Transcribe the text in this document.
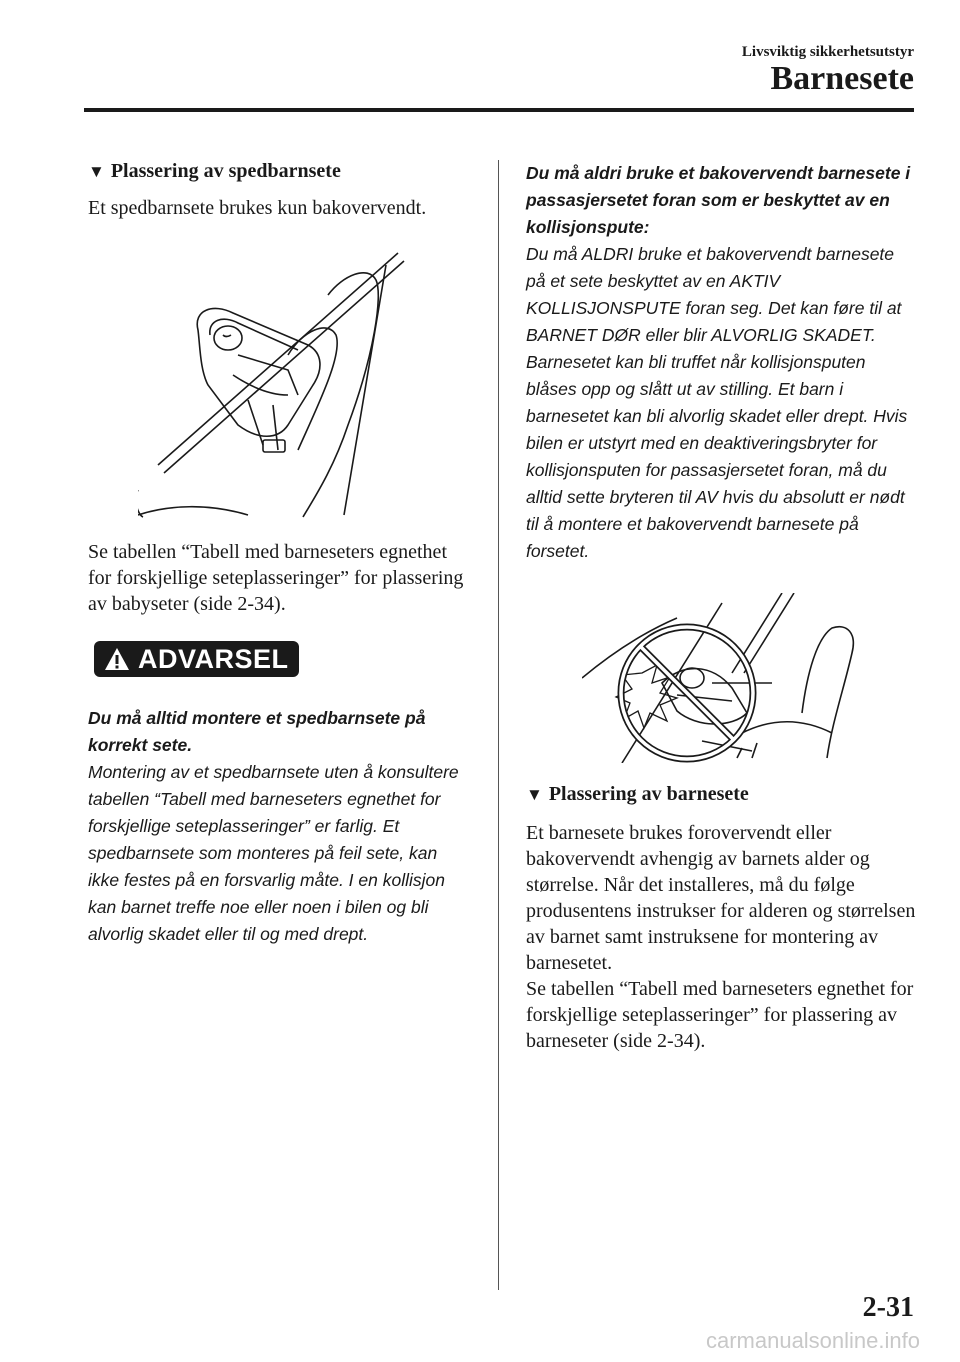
Livsviktig sikkerhetsutstyr
Barnesete
▼ Plassering av spedbarnsete

Et spedbarnsete brukes kun bakovervendt.

Se tabellen “Tabell med barneseters egnethet for forskjellige seteplasseringer” for plassering av babyseter (side 2-34).

ADVARSEL

Du må alltid montere et spedbarnsete på korrekt sete.

Montering av et spedbarnsete uten å konsultere tabellen “Tabell med barneseters egnethet for forskjellige seteplasseringer” er farlig. Et spedbarnsete som monteres på feil sete, kan ikke festes på en forsvarlig måte. I en kollisjon kan barnet treffe noe eller noen i bilen og bli alvorlig skadet eller til og med drept.

Du må aldri bruke et bakovervendt barnesete i passasjersetet foran som er beskyttet av en kollisjonspute:

Du må ALDRI bruke et bakovervendt barnesete på et sete beskyttet av en AKTIV KOLLISJONSPUTE foran seg. Det kan føre til at BARNET DØR eller blir ALVORLIG SKADET. Barnesetet kan bli truffet når kollisjonsputen blåses opp og slått ut av stilling. Et barn i barnesetet kan bli alvorlig skadet eller drept. Hvis bilen er utstyrt med en deaktiveringsbryter for kollisjonsputen for passasjersetet foran, må du alltid sette bryteren til AV hvis du absolutt er nødt til å montere et bakovervendt barnesete på forsetet.

▼ Plassering av barnesete

Et barnesete brukes forovervendt eller bakovervendt avhengig av barnets alder og størrelse. Når det installeres, må du følge produsentens instrukser for alderen og størrelsen av barnet samt instruksene for montering av barnesetet.

Se tabellen “Tabell med barneseters egnethet for forskjellige seteplasseringer” for plassering av barneseter (side 2-34).

2-31
carmanualsonline.info
